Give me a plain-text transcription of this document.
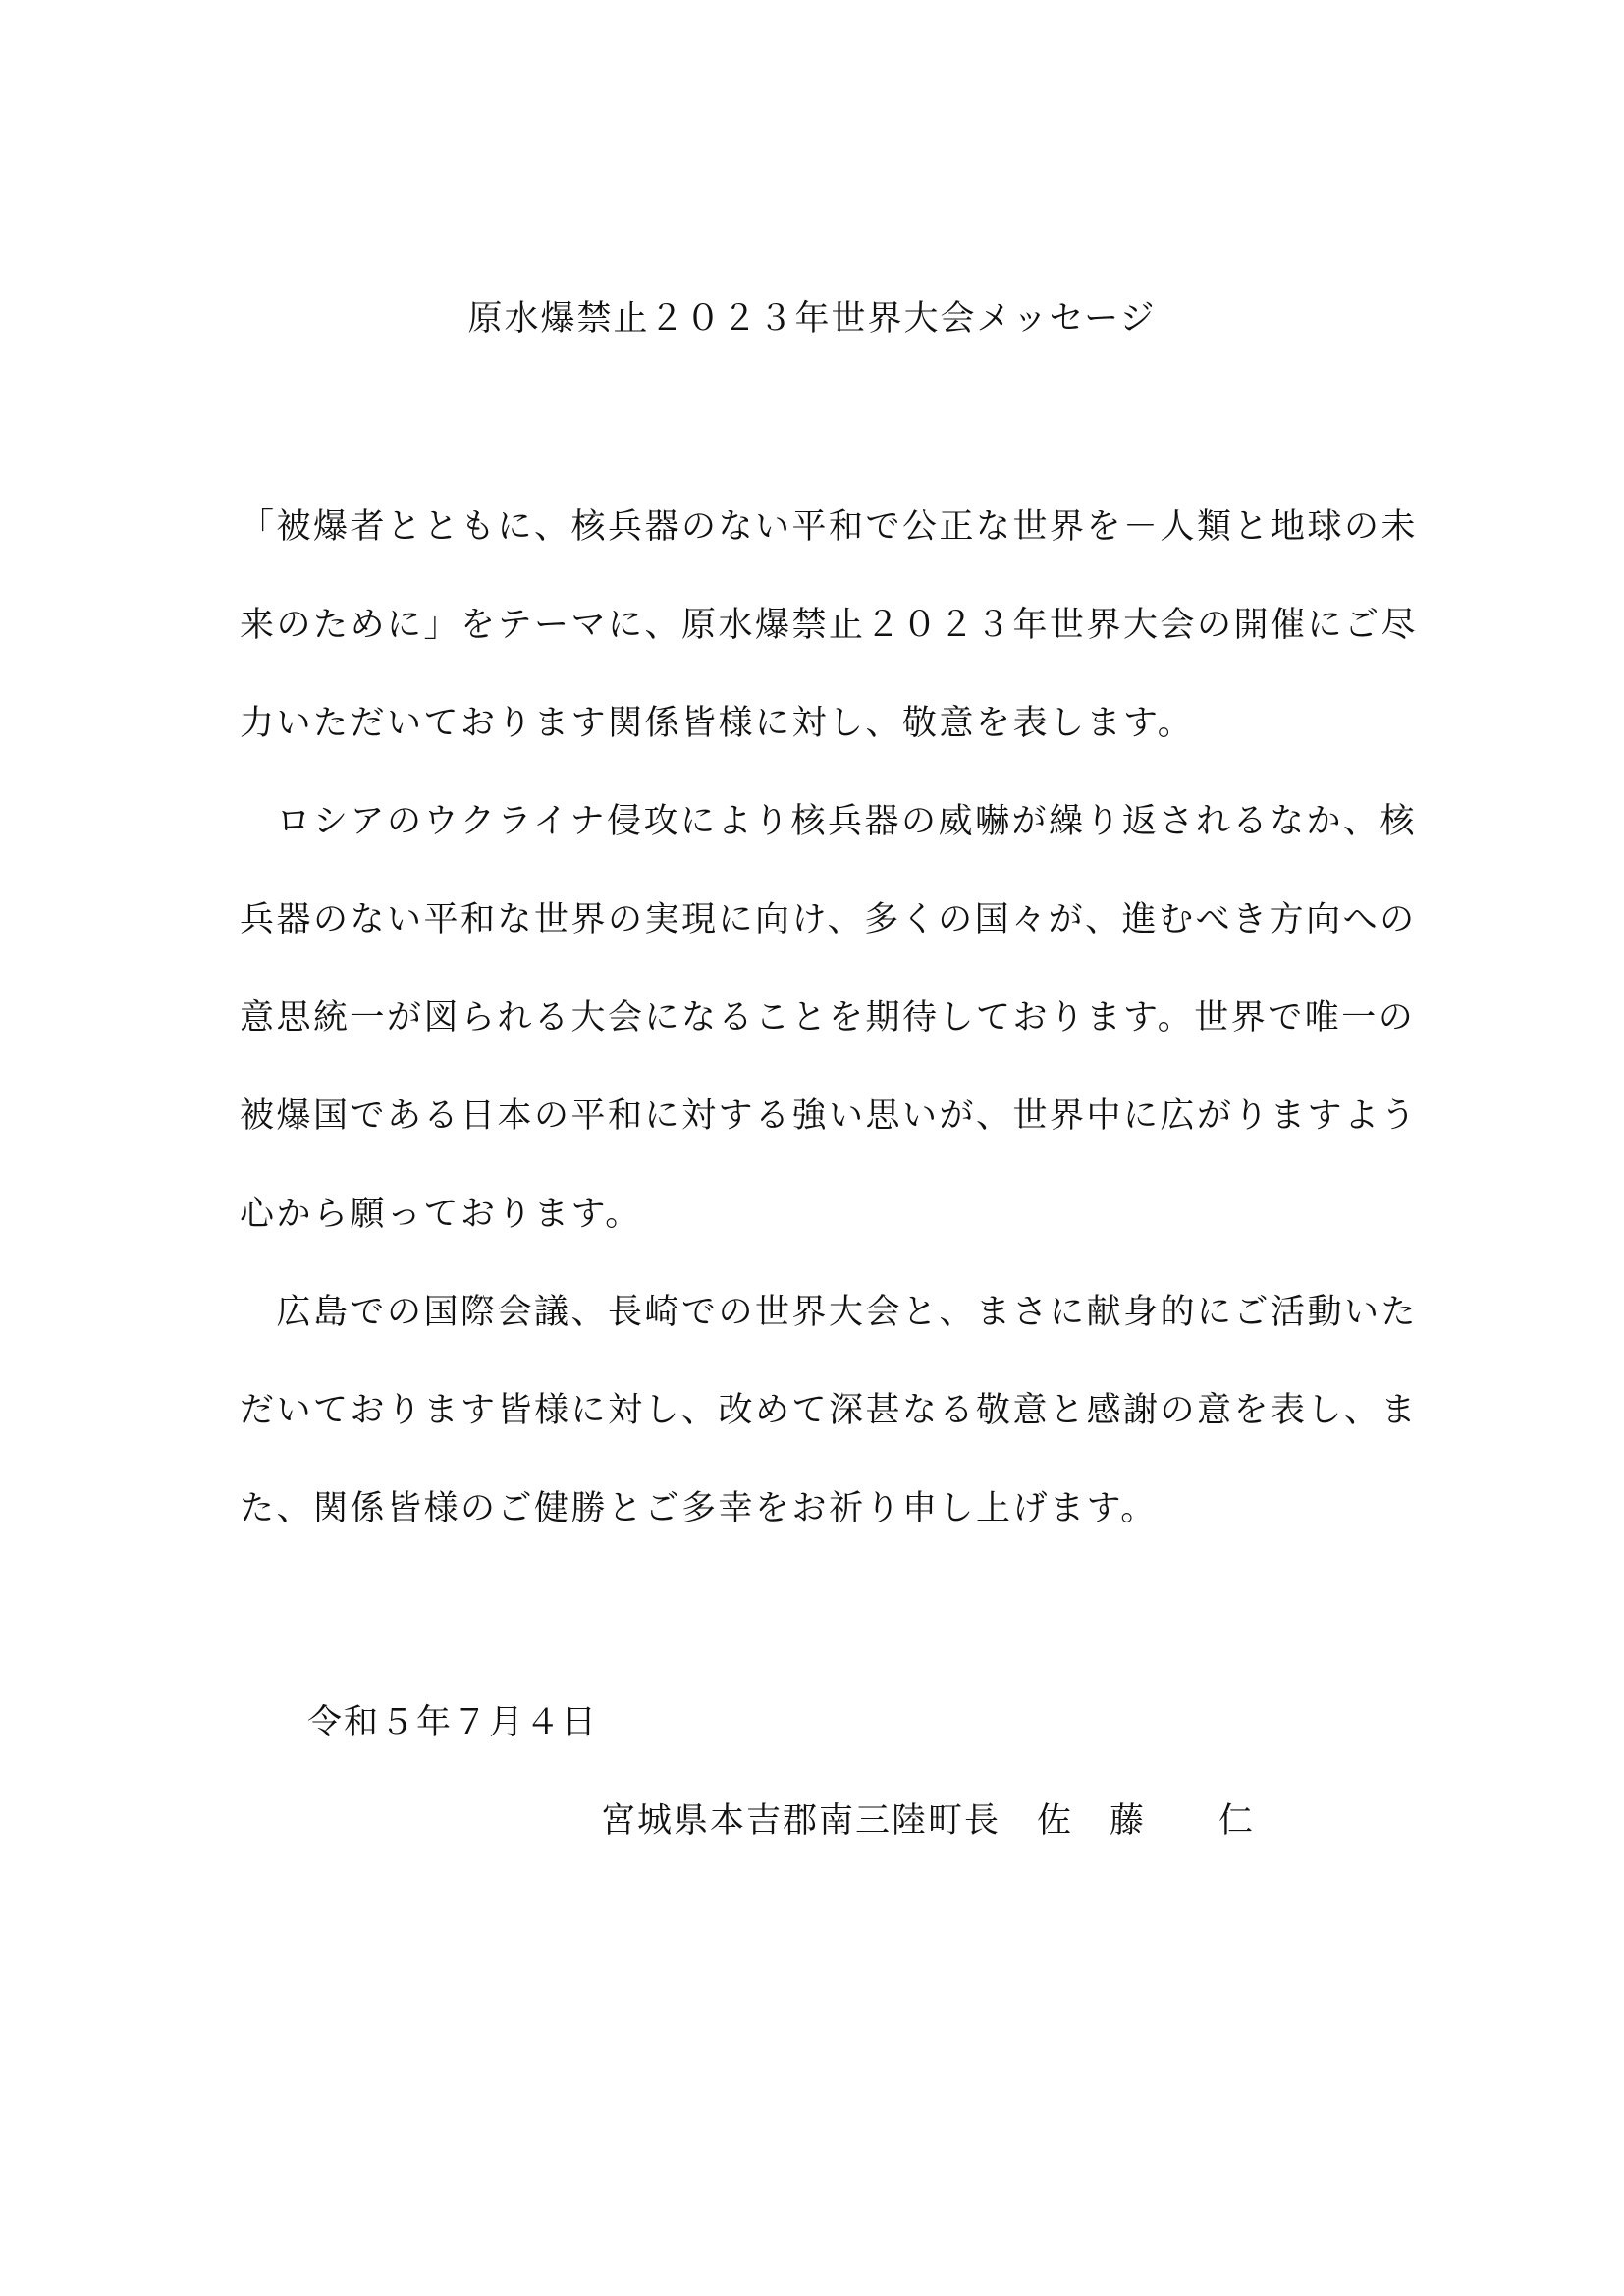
原水爆禁止２０２３年世界大会メッセージ
「被爆者とともに、核兵器のない平和で公正な世界を－人類と地球の未
来のために」をテーマに、原水爆禁止２０２３年世界大会の開催にご尽
力いただいております関係皆様に対し、敬意を表します。
　ロシアのウクライナ侵攻により核兵器の威嚇が繰り返されるなか、核
兵器のない平和な世界の実現に向け、多くの国々が、進むべき方向への
意思統一が図られる大会になることを期待しております。世界で唯一の
被爆国である日本の平和に対する強い思いが、世界中に広がりますよう
心から願っております。
　広島での国際会議、長崎での世界大会と、まさに献身的にご活動いた
だいております皆様に対し、改めて深甚なる敬意と感謝の意を表し、ま
た、関係皆様のご健勝とご多幸をお祈り申し上げます。
令和５年７月４日
宮城県本吉郡南三陸町長　佐　藤　　仁
